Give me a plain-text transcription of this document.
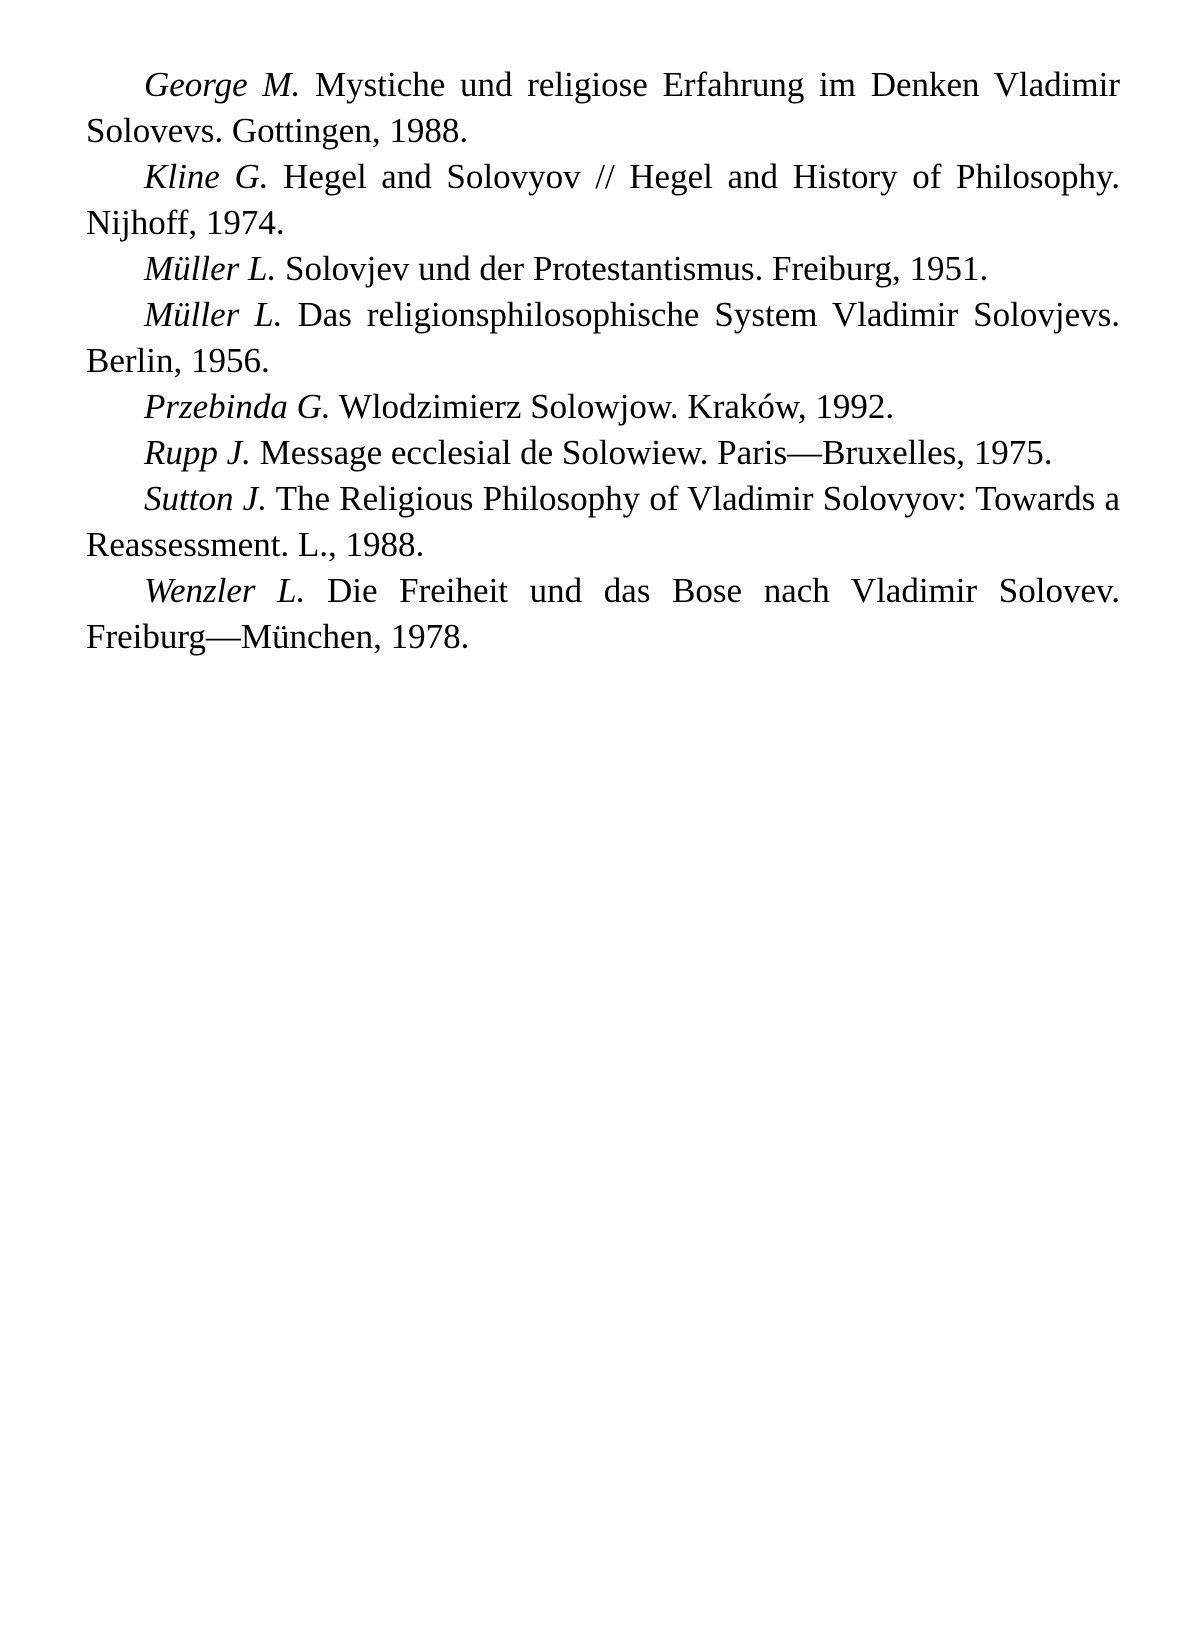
George M. Mystiche und religiose Erfahrung im Denken Vladimir Solovevs. Gottingen, 1988.

Kline G. Hegel and Solovyov // Hegel and History of Philosophy. Nijhoff, 1974.

Müller L. Solovjev und der Protestantismus. Freiburg, 1951.

Müller L. Das religionsphilosophische System Vladimir Solovjevs. Berlin, 1956.

Przebinda G. Wlodzimierz Solowjow. Kraków, 1992.

Rupp J. Message ecclesial de Solowiew. Paris—Bruxelles, 1975.

Sutton J. The Religious Philosophy of Vladimir Solovyov: Towards a Reassessment. L., 1988.

Wenzler L. Die Freiheit und das Bose nach Vladimir Solovev. Freiburg—München, 1978.
